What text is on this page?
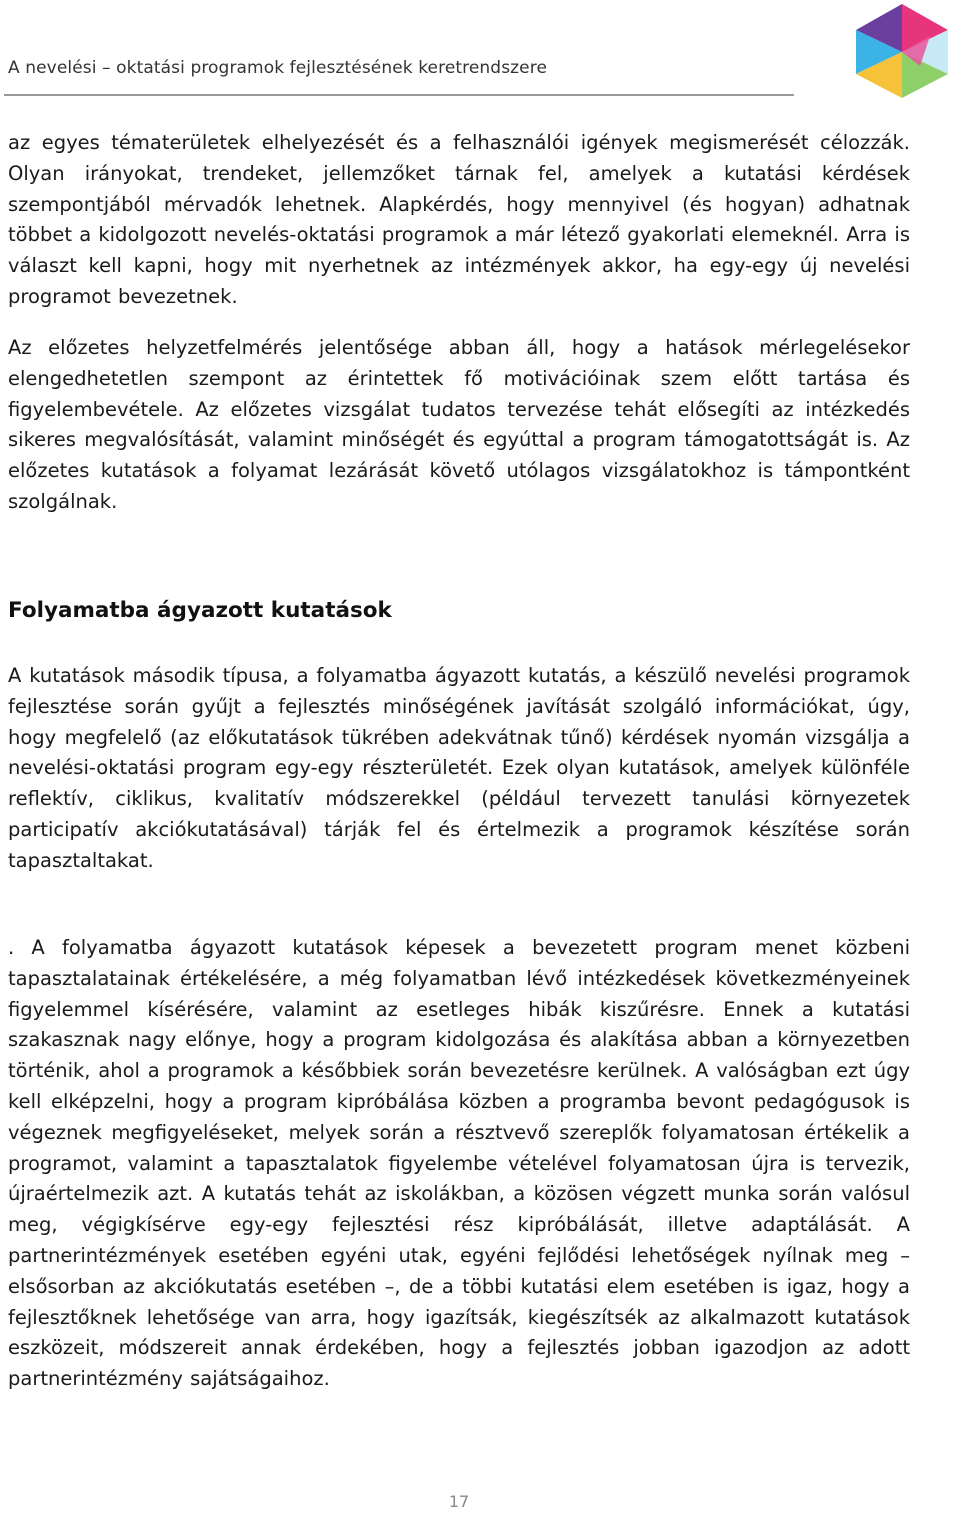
A nevelési – oktatási programok fejlesztésének keretrendszere

az egyes tématerületek elhelyezését és a felhasználói igények megismerését célozzák. Olyan irányokat, trendeket, jellemzőket tárnak fel, amelyek a kutatási kérdések szempontjából mérvadók lehetnek. Alapkérdés, hogy mennyivel (és hogyan) adhatnak többet a kidolgozott nevelés-oktatási programok a már létező gyakorlati elemeknél. Arra is választ kell kapni, hogy mit nyerhetnek az intézmények akkor, ha egy-egy új nevelési programot bevezetnek.

Az előzetes helyzetfelmérés jelentősége abban áll, hogy a hatások mérlegelésekor elengedhetetlen szempont az érintettek fő motivációinak szem előtt tartása és figyelembevétele. Az előzetes vizsgálat tudatos tervezése tehát elősegíti az intézkedés sikeres megvalósítását, valamint minőségét és egyúttal a program támogatottságát is. Az előzetes kutatások a folyamat lezárását követő utólagos vizsgálatokhoz is támpontként szolgálnak.

Folyamatba ágyazott kutatások

A kutatások második típusa, a folyamatba ágyazott kutatás, a készülő nevelési programok fejlesztése során gyűjt a fejlesztés minőségének javítását szolgáló információkat, úgy, hogy megfelelő (az előkutatások tükrében adekvátnak tűnő) kérdések nyomán vizsgálja a nevelési-oktatási program egy-egy részterületét. Ezek olyan kutatások, amelyek különféle reflektív, ciklikus, kvalitatív módszerekkel (például tervezett tanulási környezetek participatív akciókutatásával) tárják fel és értelmezik a programok készítése során tapasztaltakat.

. A folyamatba ágyazott kutatások képesek a bevezetett program menet közbeni tapasztalatainak értékelésére, a még folyamatban lévő intézkedések következményeinek figyelemmel kísérésére, valamint az esetleges hibák kiszűrésre. Ennek a kutatási szakasznak nagy előnye, hogy a program kidolgozása és alakítása abban a környezetben történik, ahol a programok a későbbiek során bevezetésre kerülnek. A valóságban ezt úgy kell elképzelni, hogy a program kipróbálása közben a programba bevont pedagógusok is végeznek megfigyeléseket, melyek során a résztvevő szereplők folyamatosan értékelik a programot, valamint a tapasztalatok figyelembe vételével folyamatosan újra is tervezik, újraértelmezik azt. A kutatás tehát az iskolákban, a közösen végzett munka során valósul meg, végigkísérve egy-egy fejlesztési rész kipróbálását, illetve adaptálását. A partnerintézmények esetében egyéni utak, egyéni fejlődési lehetőségek nyílnak meg – elsősorban az akciókutatás esetében –, de a többi kutatási elem esetében is igaz, hogy a fejlesztőknek lehetősége van arra, hogy igazítsák, kiegészítsék az alkalmazott kutatások eszközeit, módszereit annak érdekében, hogy a fejlesztés jobban igazodjon az adott partnerintézmény sajátságaihoz.

17
